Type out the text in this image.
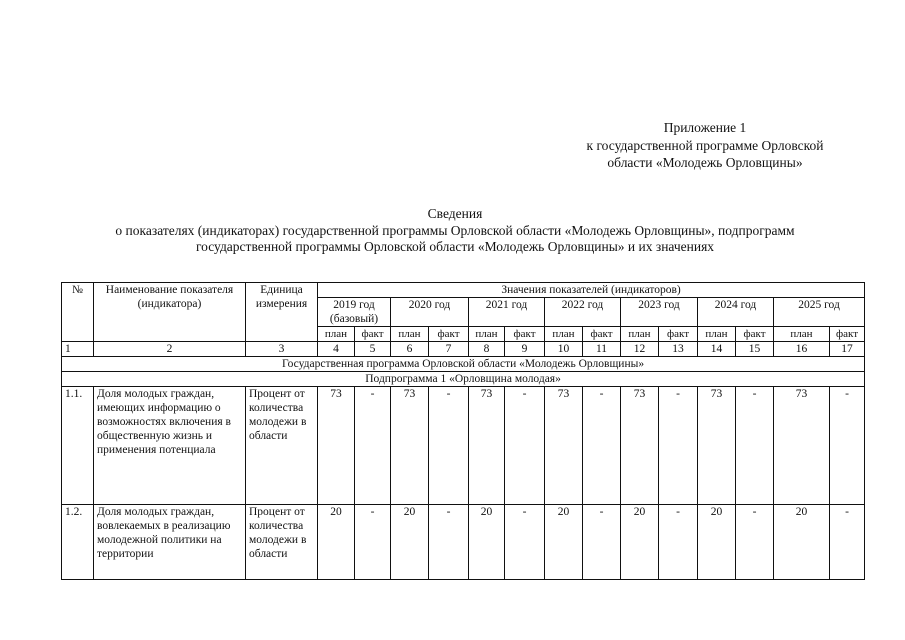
Приложение 1
к государственной программе Орловской
области «Молодежь Орловщины»
Сведения
о показателях (индикаторах) государственной программы Орловской области «Молодежь Орловщины», подпрограмм
государственной программы Орловской области «Молодежь Орловщины» и их значениях
№	Наименование показателя (индикатора)	Единица измерения	Значения показателей (индикаторов)													
			2019 год (базовый)		2020 год		2021 год		2022 год		2023 год		2024 год		2025 год	
			план	факт	план	факт	план	факт	план	факт	план	факт	план	факт	план	факт
1	2	3	4	5	6	7	8	9	10	11	12	13	14	15	16	17
Государственная программа Орловской области «Молодежь Орловщины»																
Подпрограмма 1 «Орловщина молодая»																
1.1.	Доля молодых граждан, имеющих информацию о возможностях включения в общественную жизнь и применения потенциала	Процент от количества молодежи в области	73	-	73	-	73	-	73	-	73	-	73	-	73	-
1.2.	Доля молодых граждан, вовлекаемых в реализацию молодежной политики на территории	Процент от количества молодежи в области	20	-	20	-	20	-	20	-	20	-	20	-	20	-
